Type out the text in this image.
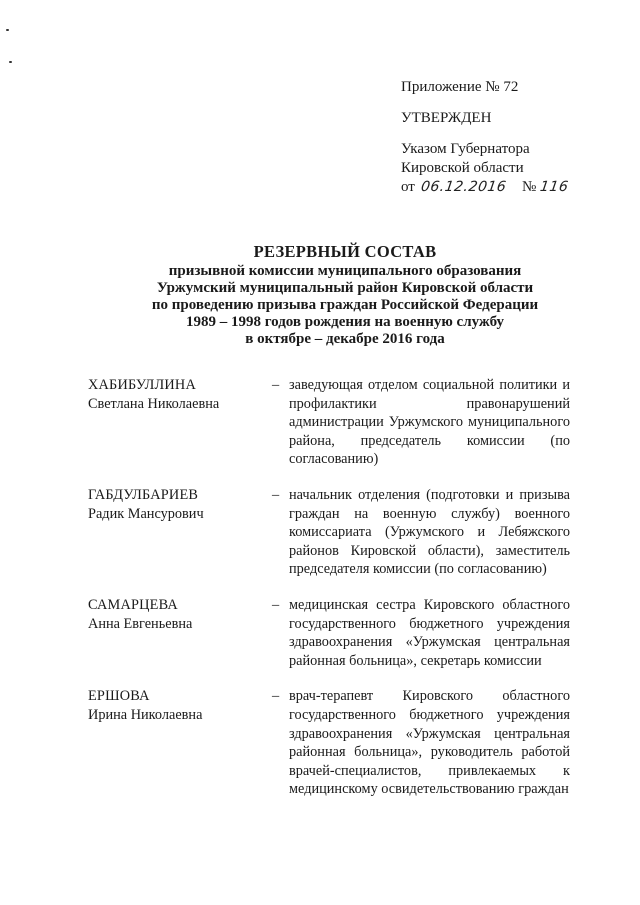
Приложение № 72
УТВЕРЖДЕН
Указом Губернатора
Кировской области
от 06.12.2016 № 116
РЕЗЕРВНЫЙ СОСТАВ
призывной комиссии муниципального образования
Уржумский муниципальный район Кировской области
по проведению призыва граждан Российской Федерации
1989 – 1998 годов рождения на военную службу
в октябре – декабре 2016 года
ХАБИБУЛЛИНА
Светлана Николаевна
– заведующая отделом социальной политики и профилактики правонарушений администрации Уржумского муниципального района, председатель комиссии (по согласованию)
ГАБДУЛБАРИЕВ
Радик Мансурович
– начальник отделения (подготовки и призыва граждан на военную службу) военного комиссариата (Уржумского и Лебяжского районов Кировской области), заместитель председателя комиссии (по согласованию)
САМАРЦЕВА
Анна Евгеньевна
– медицинская сестра Кировского областного государственного бюджетного учреждения здравоохранения «Уржумская центральная районная больница», секретарь комиссии
ЕРШОВА
Ирина Николаевна
– врач-терапевт Кировского областного государственного бюджетного учреждения здравоохранения «Уржумская центральная районная больница», руководитель работой врачей-специалистов, привлекаемых к медицинскому освидетельствованию граждан
